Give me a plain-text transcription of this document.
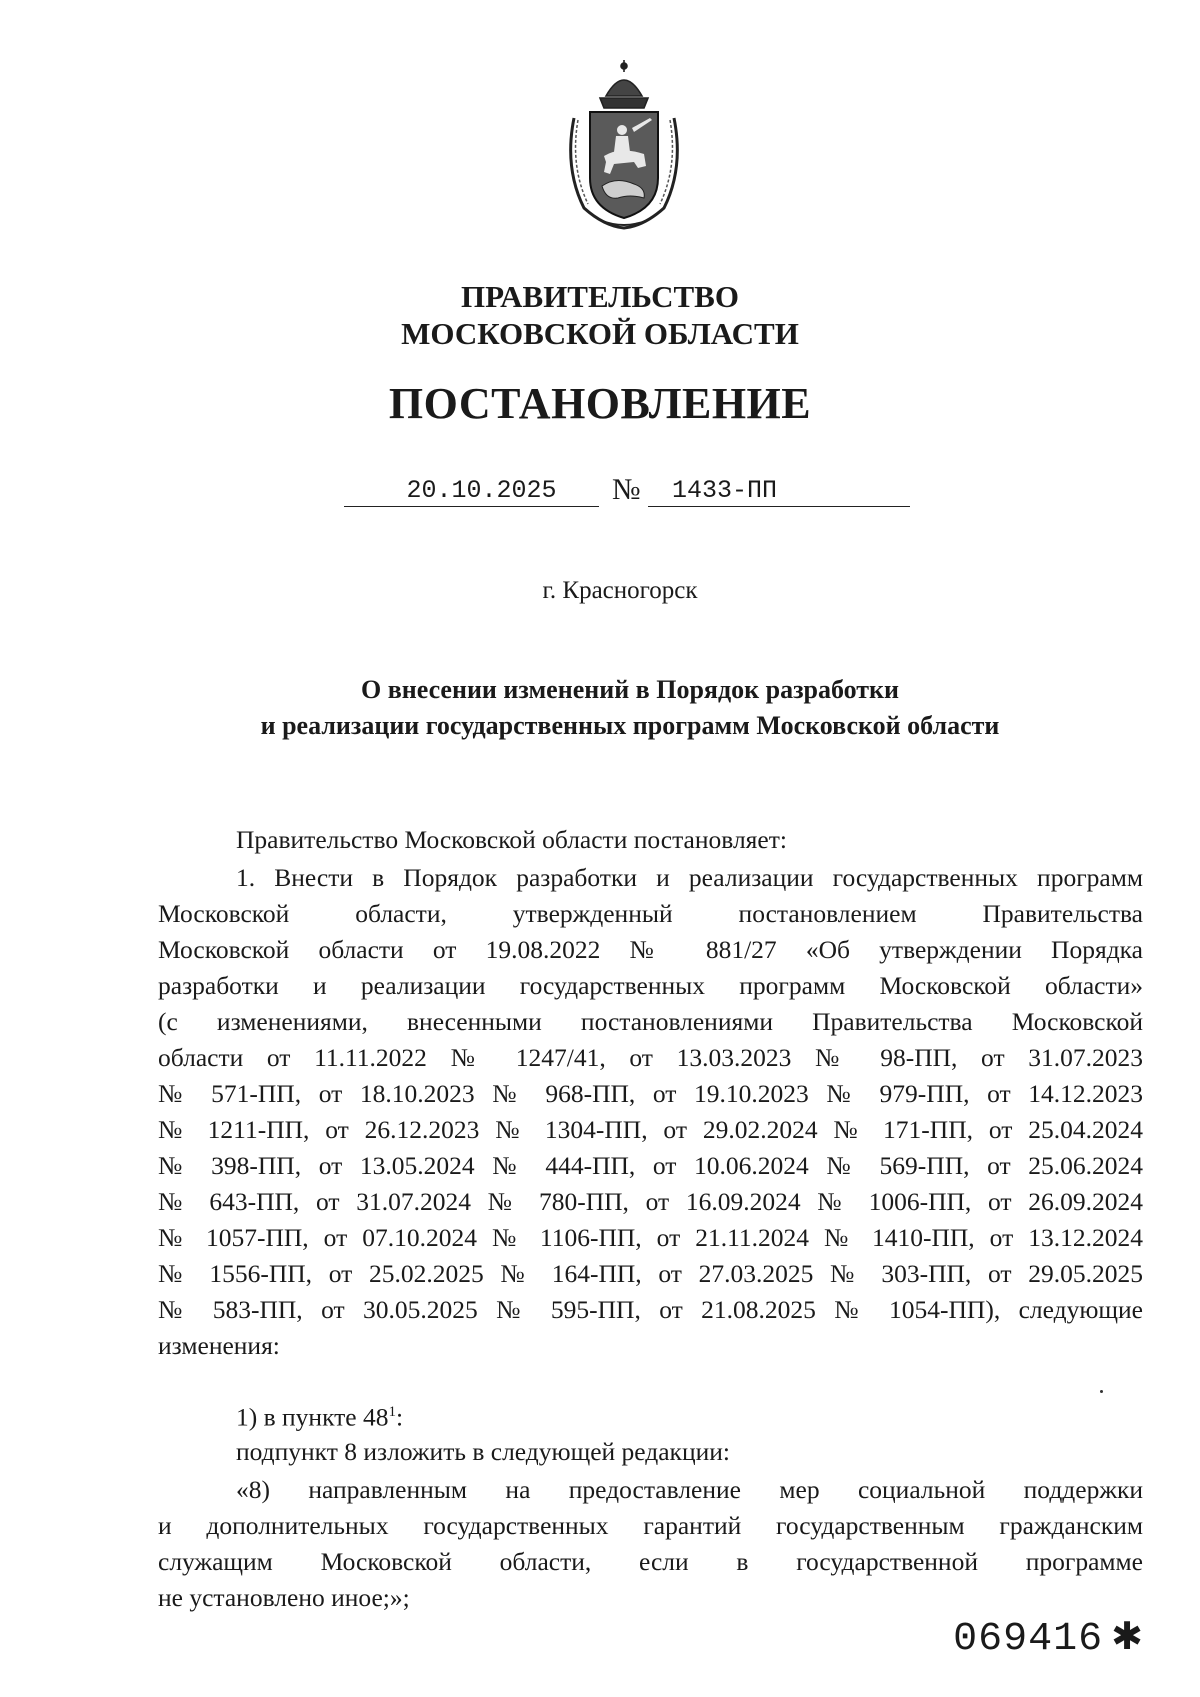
ПРАВИТЕЛЬСТВО
МОСКОВСКОЙ ОБЛАСТИ
ПОСТАНОВЛЕНИЕ
20.10.2025	№	1433-ПП
г. Красногорск
О внесении изменений в Порядок разработки
и реализации государственных программ Московской области
Правительство Московской области постановляет:
1. Внести в Порядок разработки и реализации государственных программ
Московской области, утвержденный постановлением Правительства
Московской области от 19.08.2022 № 881/27 «Об утверждении Порядка
разработки и реализации государственных программ Московской области»
(с изменениями, внесенными постановлениями Правительства Московской
области от 11.11.2022 № 1247/41, от 13.03.2023 № 98-ПП, от 31.07.2023
№ 571-ПП, от 18.10.2023 № 968-ПП, от 19.10.2023 № 979-ПП, от 14.12.2023
№ 1211-ПП, от 26.12.2023 № 1304-ПП, от 29.02.2024 № 171-ПП, от 25.04.2024
№ 398-ПП, от 13.05.2024 № 444-ПП, от 10.06.2024 № 569-ПП, от 25.06.2024
№ 643-ПП, от 31.07.2024 № 780-ПП, от 16.09.2024 № 1006-ПП, от 26.09.2024
№ 1057-ПП, от 07.10.2024 № 1106-ПП, от 21.11.2024 № 1410-ПП, от 13.12.2024
№ 1556-ПП, от 25.02.2025 № 164-ПП, от 27.03.2025 № 303-ПП, от 29.05.2025
№ 583-ПП, от 30.05.2025 № 595-ПП, от 21.08.2025 № 1054-ПП), следующие
изменения:
1) в пункте $48^1$:
подпункт 8 изложить в следующей редакции:
«8) направленным на предоставление мер социальной поддержки
и дополнительных государственных гарантий государственным гражданским
служащим Московской области, если в государственной программе
не установлено иное;»;
069416 ✱
